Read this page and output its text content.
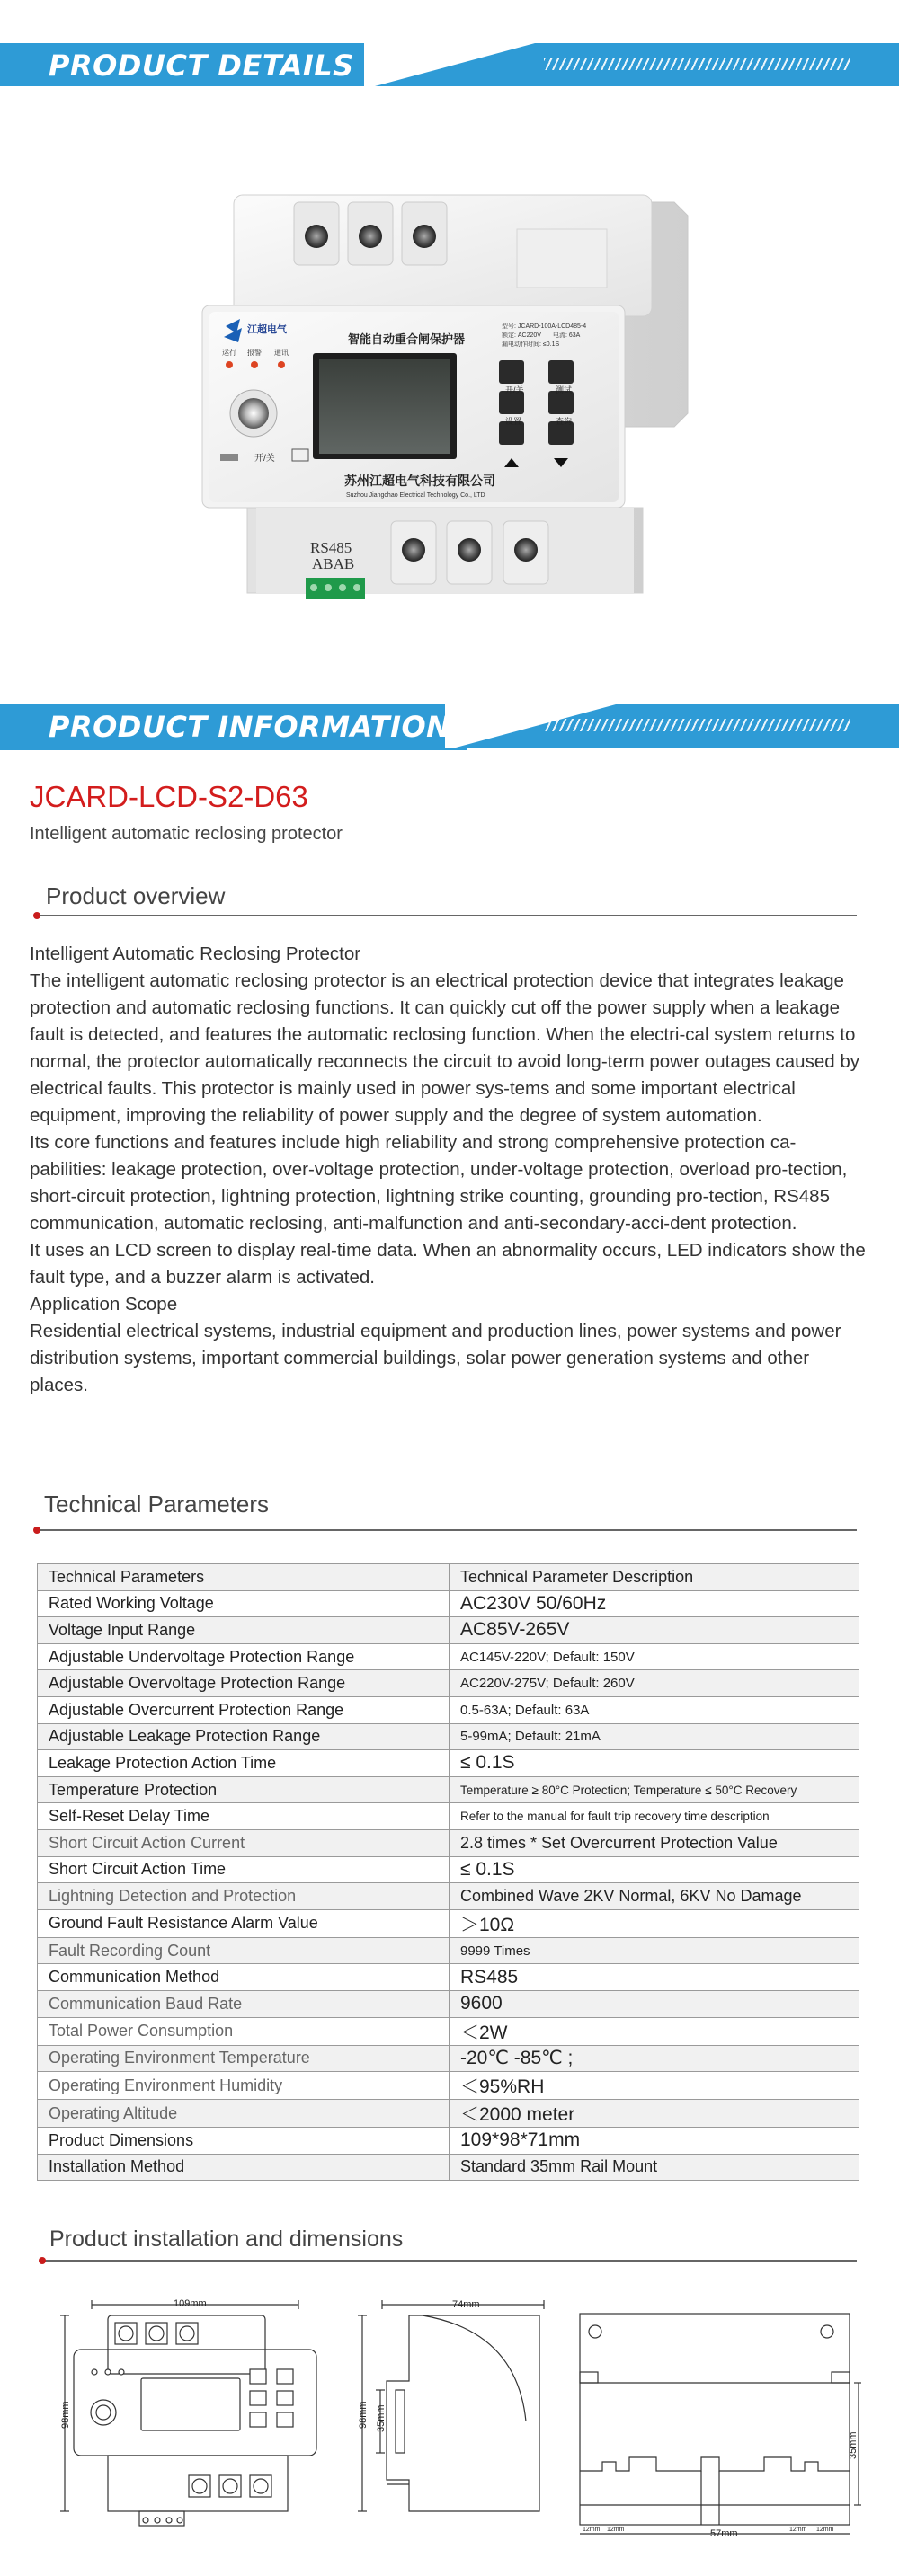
PRODUCT DETAILS
江超电气
智能自动重合闸保护器
型号: JCARD-100A-LCD485-4
额定: AC220V 电流: 63A
漏电动作时间: ≤0.1S
运行 报警 通讯
开/关
开/关	测试
设置	查询
苏州江超电气科技有限公司
Suzhou Jiangchao Electrical Technology Co., LTD
RS485
ABAB
PRODUCT INFORMATION
JCARD-LCD-S2-D63
Intelligent automatic reclosing protector
Product overview

Intelligent Automatic Reclosing Protector

The intelligent automatic reclosing protector is an electrical protection device that integrates leakage protection and automatic reclosing functions. It can quickly cut off the power supply when a leakage fault is detected, and features the automatic reclosing function. When the electri-cal system returns to normal, the protector automatically reconnects the circuit to avoid long-term power outages caused by electrical faults. This protector is mainly used in power sys-tems and some important electrical equipment, improving the reliability of power supply and the degree of system automation.

Its core functions and features include high reliability and strong comprehensive protection ca-pabilities: leakage protection, over-voltage protection, under-voltage protection, overload pro-tection, short-circuit protection, lightning protection, lightning strike counting, grounding pro-tection, RS485 communication, automatic reclosing, anti-malfunction and anti-secondary-acci-dent protection.

It uses an LCD screen to display real-time data. When an abnormality occurs, LED indicators show the fault type, and a buzzer alarm is activated.

Application Scope

Residential electrical systems, industrial equipment and production lines, power systems and power distribution systems, important commercial buildings, solar power generation systems and other places.

Technical Parameters
Technical Parameters	Technical Parameter Description
Rated Working Voltage	AC230V 50/60Hz
Voltage Input Range	AC85V-265V
Adjustable Undervoltage Protection Range	AC145V-220V; Default: 150V
Adjustable Overvoltage Protection Range	AC220V-275V; Default: 260V
Adjustable Overcurrent Protection Range	0.5-63A; Default: 63A
Adjustable Leakage Protection Range	5-99mA; Default: 21mA
Leakage Protection Action Time	≤ 0.1S
Temperature Protection	Temperature ≥ 80°C Protection; Temperature ≤ 50°C Recovery
Self-Reset Delay Time	Refer to the manual for fault trip recovery time description
Short Circuit Action Current	2.8 times * Set Overcurrent Protection Value
Short Circuit Action Time	≤ 0.1S
Lightning Detection and Protection	Combined Wave 2KV Normal, 6KV No Damage
Ground Fault Resistance Alarm Value	＞10Ω
Fault Recording Count	9999 Times
Communication Method	RS485
Communication Baud Rate	9600
Total Power Consumption	＜2W
Operating Environment Temperature	-20℃ -85℃ ;
Operating Environment Humidity	＜95%RH
Operating Altitude	＜2000 meter
Product Dimensions	109*98*71mm
Installation Method	Standard 35mm Rail Mount
Product installation and dimensions
109mm
98mm
74mm
98mm 35mm
57mm
35mm
12mm 12mm	12mm 12mm
